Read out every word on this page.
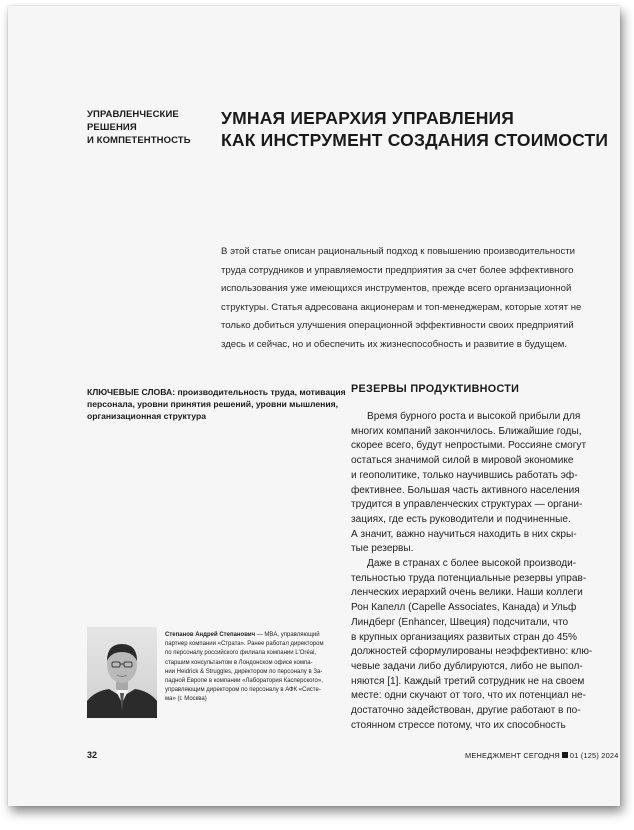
УПРАВЛЕНЧЕСКИЕ
РЕШЕНИЯ
И КОМПЕТЕНТНОСТЬ
УМНАЯ ИЕРАРХИЯ УПРАВЛЕНИЯ
КАК ИНСТРУМЕНТ СОЗДАНИЯ СТОИМОСТИ
В этой статье описан рациональный подход к повышению производительности
труда сотрудников и управляемости предприятия за счет более эффективного
использования уже имеющихся инструментов, прежде всего организационной
структуры. Статья адресована акционерам и топ-менеджерам, которые хотят не
только добиться улучшения операционной эффективности своих предприятий
здесь и сейчас, но и обеспечить их жизнеспособность и развитие в будущем.
КЛЮЧЕВЫЕ СЛОВА: производительность труда, мотивация
персонала, уровни принятия решений, уровни мышления,
организационная структура
РЕЗЕРВЫ ПРОДУКТИВНОСТИ
Время бурного роста и высокой прибыли для
многих компаний закончилось. Ближайшие годы,
скорее всего, будут непростыми. Россияне смогут
остаться значимой силой в мировой экономике
и геополитике, только научившись работать эф-
фективнее. Большая часть активного населения
трудится в управленческих структурах — органи-
зациях, где есть руководители и подчиненные.
А значит, важно научиться находить в них скры-
тые резервы.
Даже в странах с более высокой производи-
тельностью труда потенциальные резервы управ-
ленческих иерархий очень велики. Наши коллеги
Рон Капелл (Capelle Associates, Канада) и Ульф
Линдберг (Enhancer, Швеция) подсчитали, что
в крупных организациях развитых стран до 45%
должностей сформулированы неэффективно: клю-
чевые задачи либо дублируются, либо не выпол-
няются [1]. Каждый третий сотрудник не на своем
месте: одни скучают от того, что их потенциал не-
достаточно задействован, другие работают в по-
стоянном стрессе потому, что их способность
Степанов Андрей Степанович — MBA, управляющий
партнер компании «Страта». Ранее работал директором
по персоналу российского филиала компании L'Oréal,
старшим консультантом в Лондонском офисе компа-
нии Heidrick & Struggles, директором по персоналу в За-
падной Европе в компании «Лаборатория Касперского»,
управляющим директором по персоналу в АФК «Систе-
ма» (г. Москва)
32	МЕНЕДЖМЕНТ СЕГОДНЯ 01 (125) 2024
